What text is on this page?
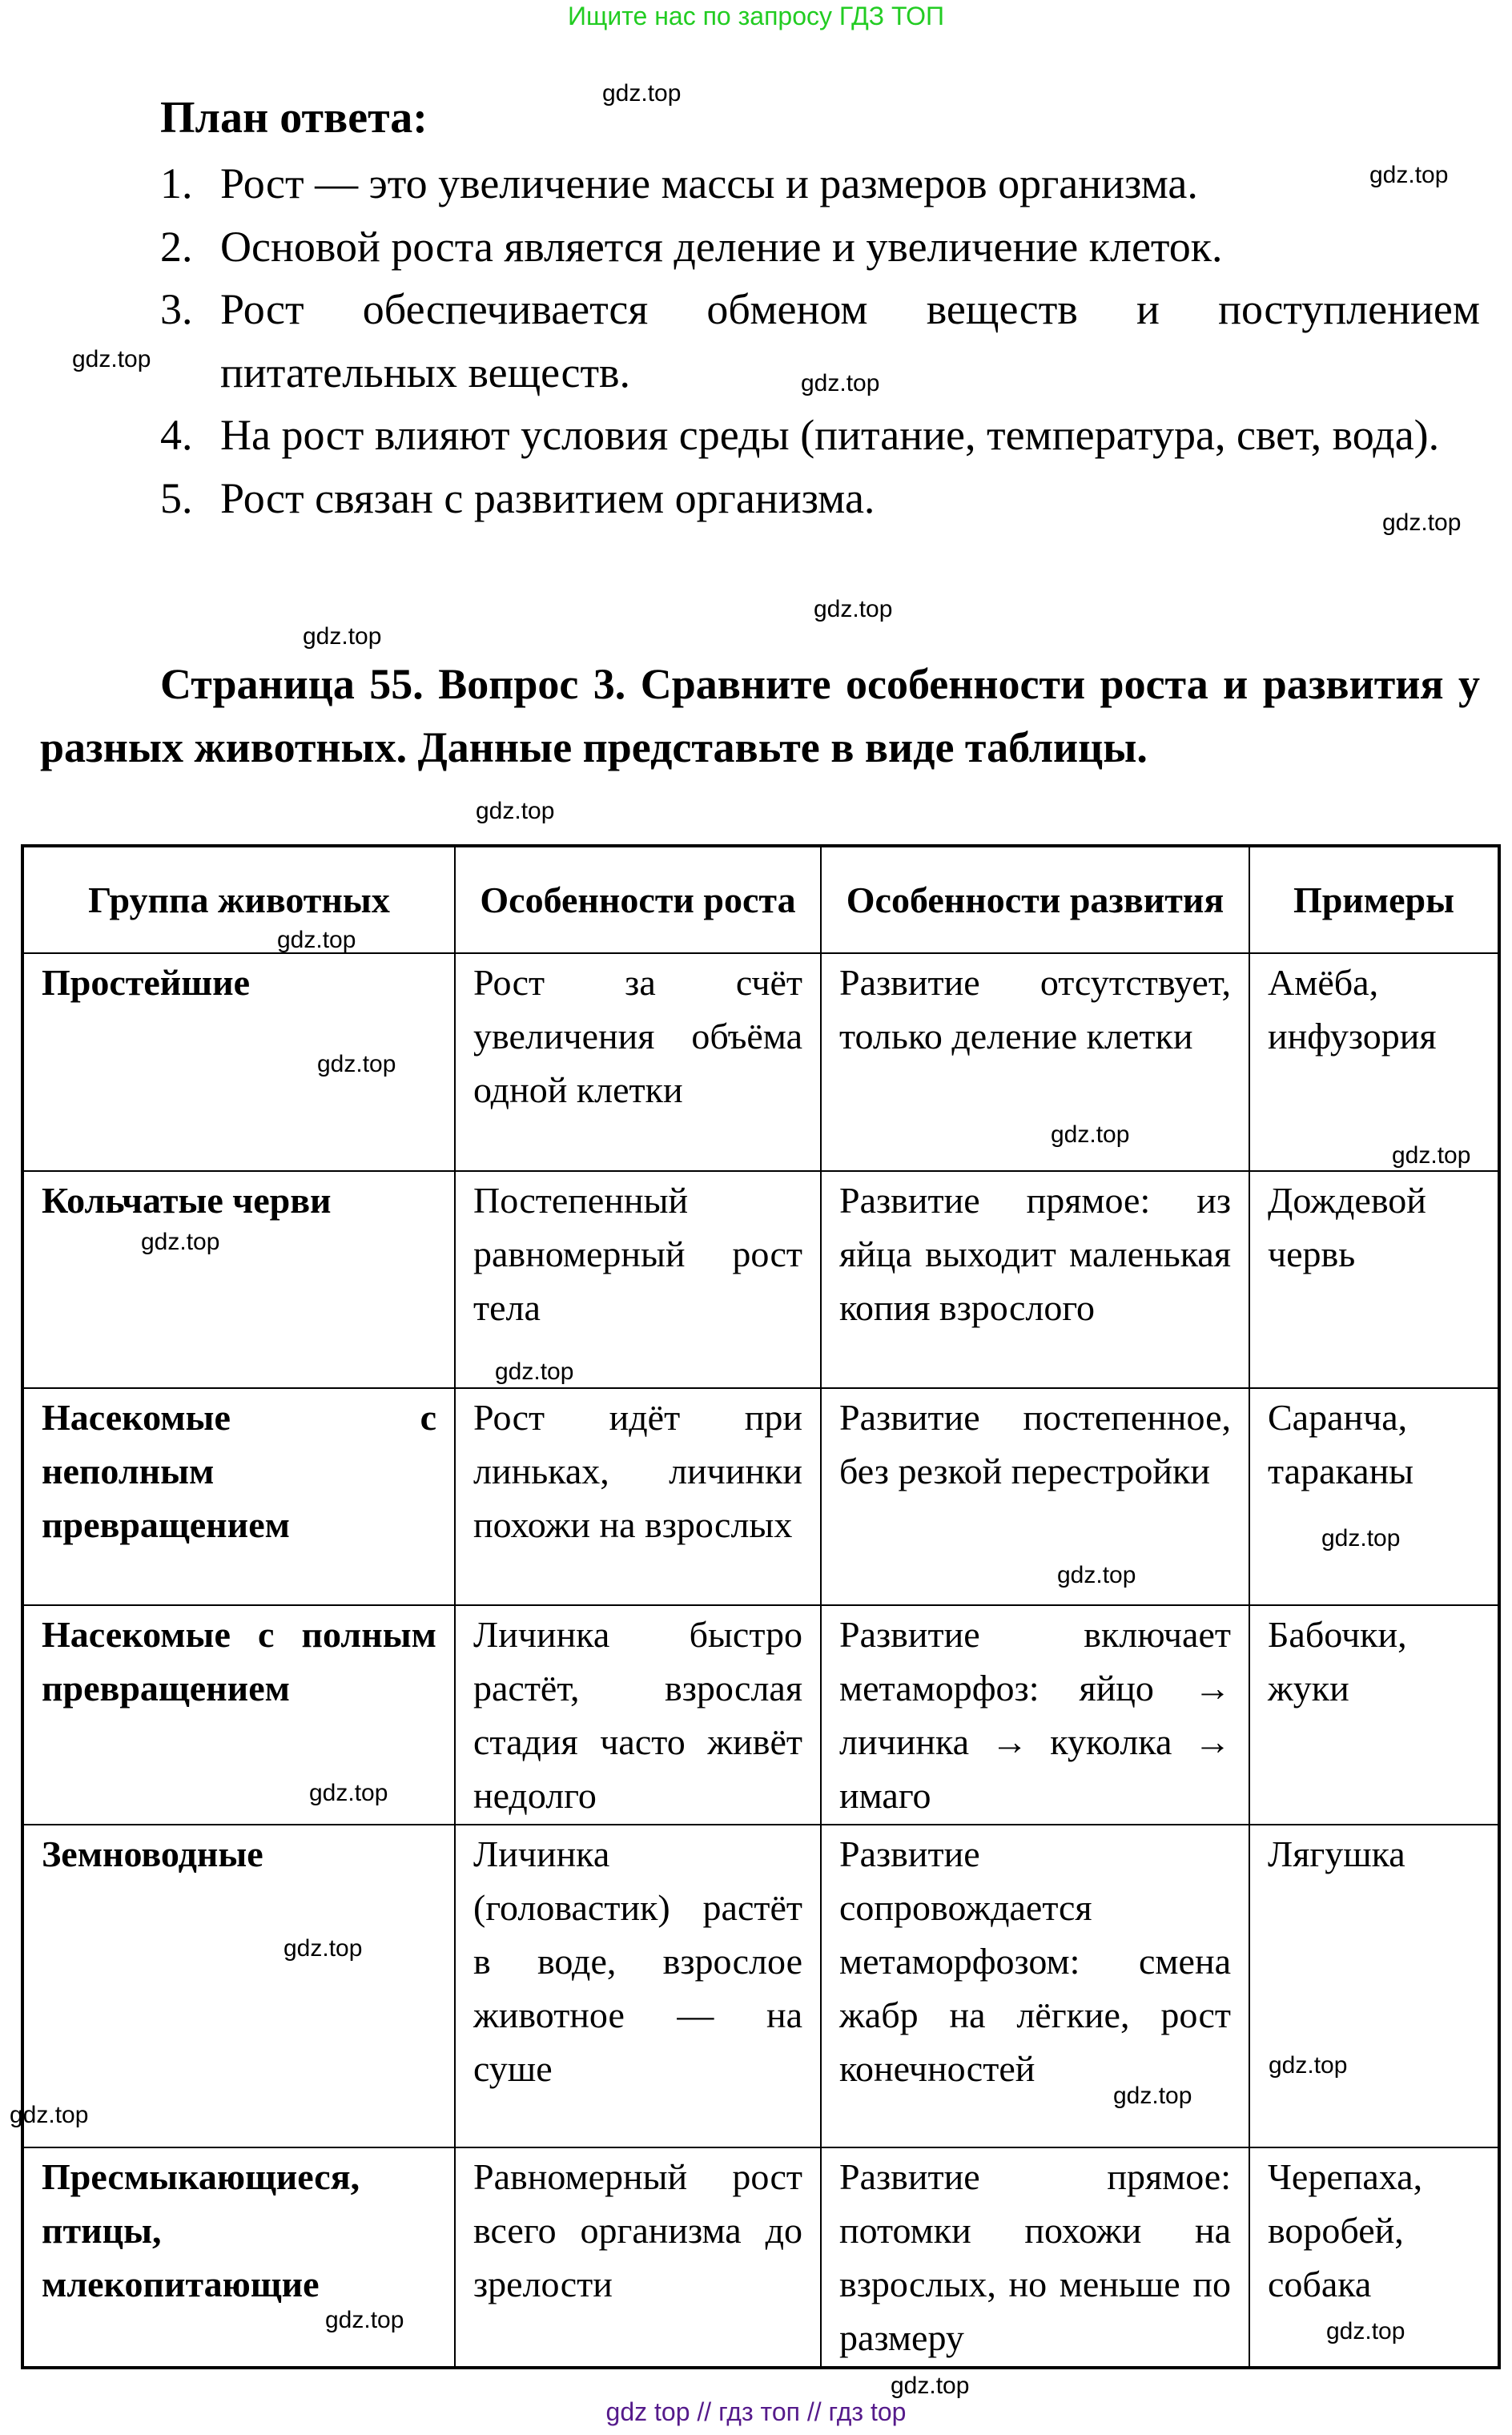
Ищите нас по запросу ГДЗ ТОП
План ответа:
1. Рост — это увеличение массы и размеров организма.
2. Основой роста является деление и увеличение клеток.
3. Рост обеспечивается обменом веществ и поступлением питательных веществ.
4. На рост влияют условия среды (питание, температура, свет, вода).
5. Рост связан с развитием организма.
Страница 55. Вопрос 3. Сравните особенности роста и развития у разных животных. Данные представьте в виде таблицы.
Группа животных	Особенности роста	Особенности развития	Примеры
Простейшие	Рост за счёт увеличения объёма одной клетки	Развитие отсутствует, только деление клетки	Амёба, инфузория
Кольчатые черви	Постепенный равномерный рост тела	Развитие прямое: из яйца выходит маленькая копия взрослого	Дождевой червь
Насекомые с неполным превращением	Рост идёт при линьках, личинки похожи на взрослых	Развитие постепенное, без резкой перестройки	Саранча, тараканы
Насекомые с полным превращением	Личинка быстро растёт, взрослая стадия часто живёт недолго	Развитие включает метаморфоз: яйцо → личинка → куколка → имаго	Бабочки, жуки
Земноводные	Личинка (головастик) растёт в воде, взрослое животное — на суше	Развитие сопровождается метаморфозом: смена жабр на лёгкие, рост конечностей	Лягушка
Пресмыкающиеся, птицы, млекопитающие	Равномерный рост всего организма до зрелости	Развитие прямое: потомки похожи на взрослых, но меньше по размеру	Черепаха, воробей, собака
gdz.top
gdz.top
gdz.top
gdz.top
gdz.top
gdz.top
gdz.top
gdz.top
gdz.top
gdz.top
gdz.top
gdz.top
gdz.top
gdz.top
gdz.top
gdz.top
gdz.top
gdz.top
gdz.top
gdz.top
gdz.top
gdz.top	gdz.top
gdz.top
gdz top // гдз топ // гдз top
